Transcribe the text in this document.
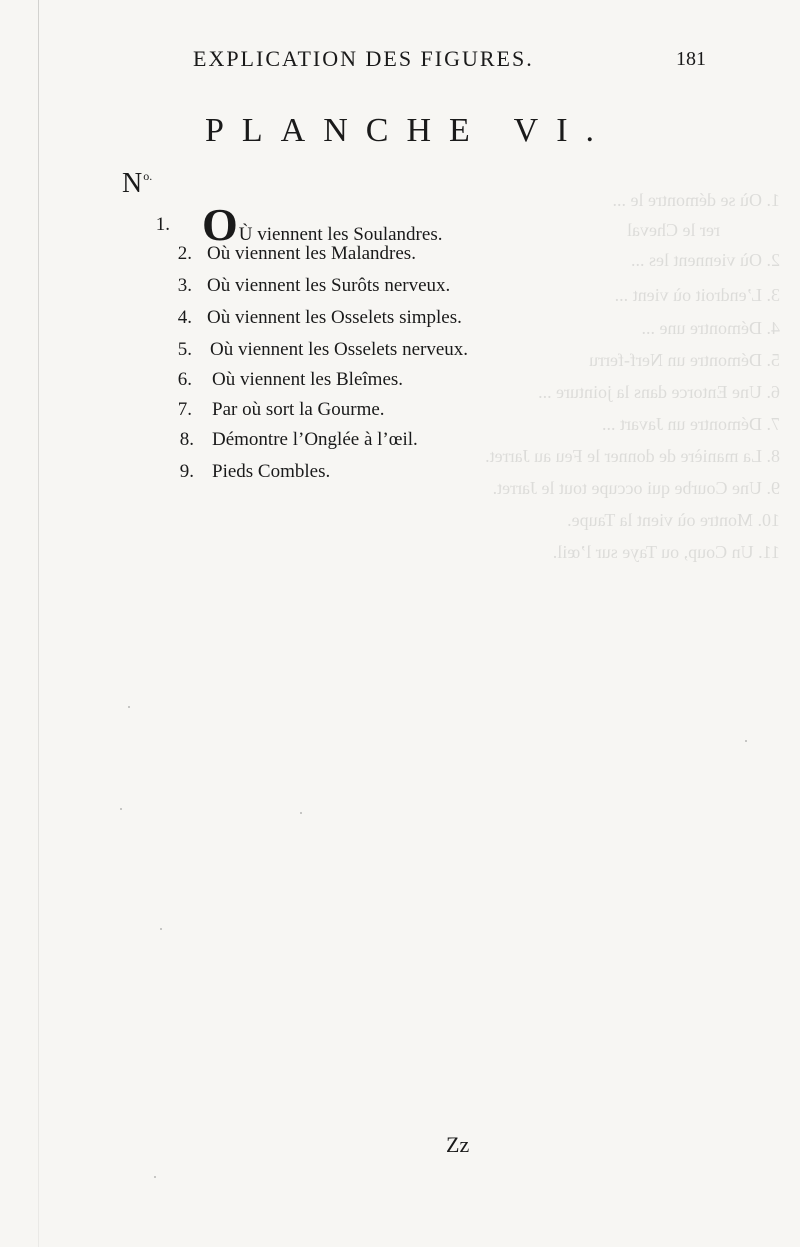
1. Où se démontre le ...
rer le Cheval
2. Où viennent les ...
3. L’endroit où vient ...
4. Démontre une ...
5. Démontre un Nerf-ferru
6. Une Entorce dans la jointure ...
7. Démontre un Javart ...
8. La manière de donner le Feu au Jarret.
9. Une Courbe qui occupe tout le Jarret.
10. Montre où vient la Taupe.
11. Un Coup, ou Taye sur l’œil.
EXPLICATION DES FIGURES.	181
PLANCHE VI.
$N^{o.}$
1. OÙ viennent les Soulandres.
2. Où viennent les Malandres.
3. Où viennent les Surôts nerveux.
4. Où viennent les Osselets simples.
5. Où viennent les Osselets nerveux.
6. Où viennent les Bleîmes.
7. Par où sort la Gourme.
8. Démontre l’Onglée à l’œil.
9. Pieds Combles.
Zz
